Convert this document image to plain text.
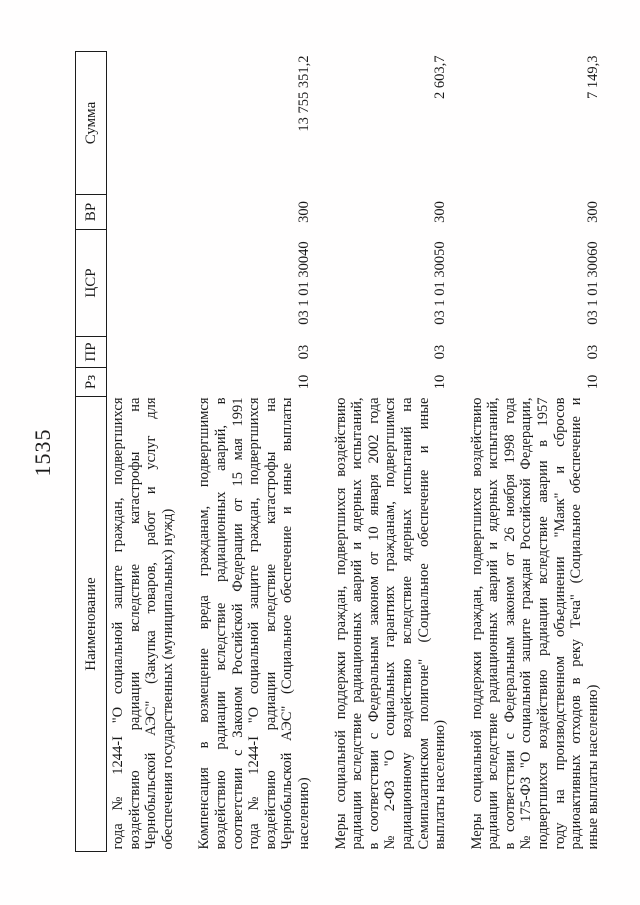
1535
Наименование	Рз	ПР	ЦСР	ВР	Сумма

года № 1244-I "О социальной защите граждан, подвергшихся воздействию радиации вследствие катастрофы на Чернобыльской АЭС" (Закупка товаров, работ и услуг для обеспечения государственных (муниципальных) нужд)					

Компенсация в возмещение вреда гражданам, подвергшимся воздействию радиации вследствие радиационных аварий, в соответствии с Законом Российской Федерации от 15 мая 1991 года № 1244-I "О социальной защите граждан, подвергшихся воздействию радиации вследствие катастрофы на Чернобыльской АЭС" (Социальное обеспечение и иные выплаты населению)
	10	03	03 1 01 30040	300	13 755 351,2

Меры социальной поддержки граждан, подвергшихся воздействию радиации вследствие радиационных аварий и ядерных испытаний, в соответствии с Федеральным законом от 10 января 2002 года № 2-ФЗ "О социальных гарантиях гражданам, подвергшимся радиационному воздействию вследствие ядерных испытаний на Семипалатинском полигоне" (Социальное обеспечение и иные выплаты населению)
	10	03	03 1 01 30050	300	2 603,7

Меры социальной поддержки граждан, подвергшихся воздействию радиации вследствие радиационных аварий и ядерных испытаний, в соответствии с Федеральным законом от 26 ноября 1998 года № 175-ФЗ "О социальной защите граждан Российской Федерации, подвергшихся воздействию радиации вследствие аварии в 1957 году на производственном объединении "Маяк" и сбросов радиоактивных отходов в реку Теча" (Социальное обеспечение и иные выплаты населению)
	10	03	03 1 01 30060	300	7 149,3
